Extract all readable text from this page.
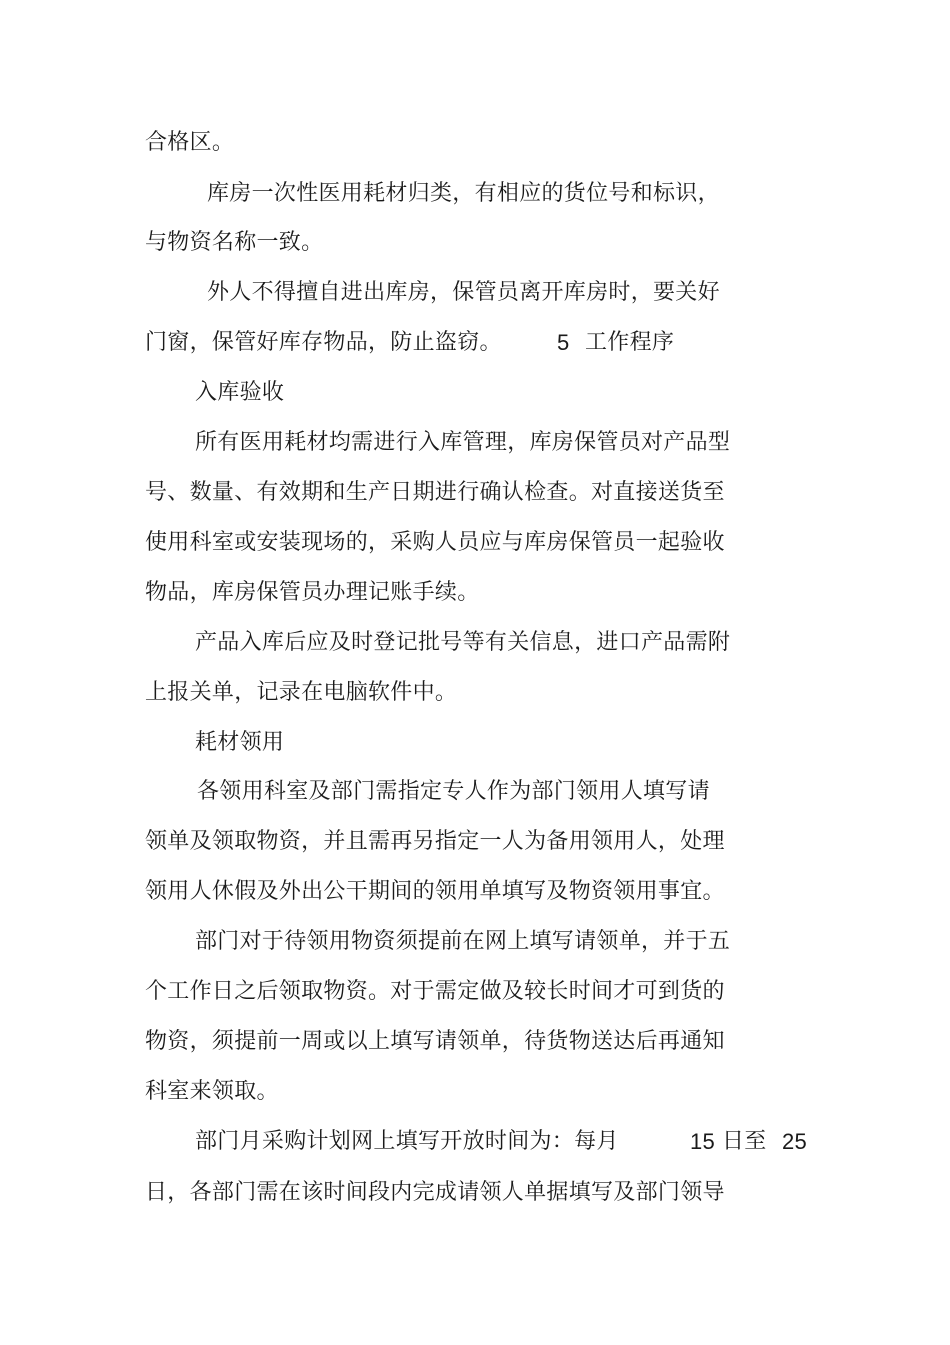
合格区。
库房一次性医用耗材归类，有相应的货位号和标识，
与物资名称一致。
外人不得擅自进出库房，保管员离开库房时，要关好
门窗，保管好库存物品，防止盗窃。	5 工作程序
入库验收
所有医用耗材均需进行入库管理，库房保管员对产品型
号、数量、有效期和生产日期进行确认检查。对直接送货至
使用科室或安装现场的，采购人员应与库房保管员一起验收
物品，库房保管员办理记账手续。
产品入库后应及时登记批号等有关信息，进口产品需附
上报关单，记录在电脑软件中。
耗材领用
各领用科室及部门需指定专人作为部门领用人填写请
领单及领取物资，并且需再另指定一人为备用领用人，处理
领用人休假及外出公干期间的领用单填写及物资领用事宜。
部门对于待领用物资须提前在网上填写请领单，并于五
个工作日之后领取物资。对于需定做及较长时间才可到货的
物资，须提前一周或以上填写请领单，待货物送达后再通知
科室来领取。
部门月采购计划网上填写开放时间为：每月	15 日至 25
日，各部门需在该时间段内完成请领人单据填写及部门领导
